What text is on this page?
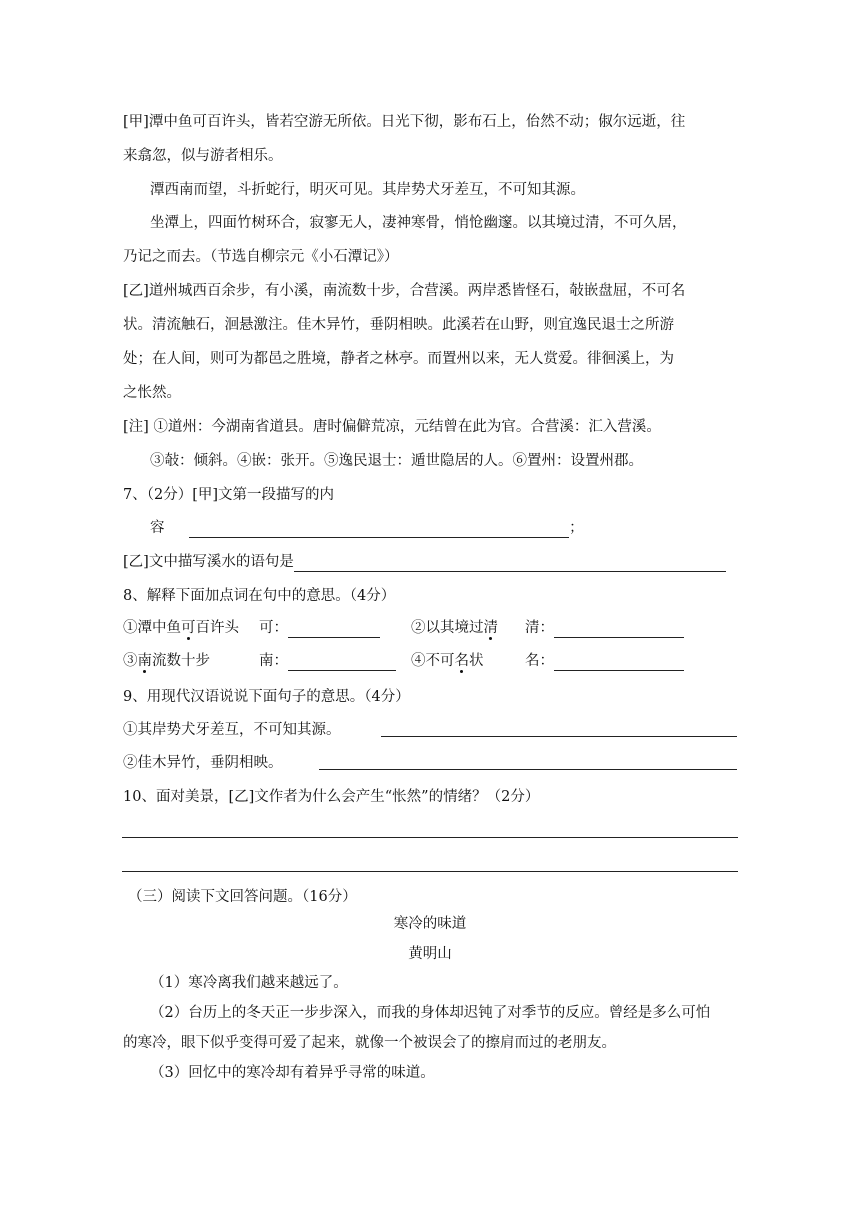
[甲]潭中鱼可百许头，皆若空游无所依。日光下彻，影布石上，佁然不动；俶尔远逝，往
来翕忽，似与游者相乐。
潭西南而望，斗折蛇行，明灭可见。其岸势犬牙差互，不可知其源。
坐潭上，四面竹树环合，寂寥无人，凄神寒骨，悄怆幽邃。以其境过清，不可久居，
乃记之而去。（节选自柳宗元《小石潭记》）
[乙]道州城西百余步，有小溪，南流数十步，合营溪。两岸悉皆怪石，敧嵌盘屈，不可名
状。清流触石，洄悬激注。佳木异竹，垂阴相映。此溪若在山野，则宜逸民退士之所游
处；在人间，则可为都邑之胜境，静者之林亭。而置州以来，无人赏爱。徘徊溪上，为
之怅然。
[注] ①道州：今湖南省道县。唐时偏僻荒凉，元结曾在此为官。合营溪：汇入营溪。
③敧：倾斜。④嵌：张开。⑤逸民退士：遁世隐居的人。⑥置州：设置州郡。
7、（2分）[甲]文第一段描写的内
容	；
[乙]文中描写溪水的语句是
8、解释下面加点词在句中的意思。（4分）
①潭中鱼可百许头 可：	②以其境过清 清：
③南流数十步	南：	④不可名状	名：
9、用现代汉语说说下面句子的意思。（4分）
①其岸势犬牙差互，不可知其源。
②佳木异竹，垂阴相映。
10、面对美景，[乙]文作者为什么会产生“怅然”的情绪？（2分）
（三）阅读下文回答问题。（16分）
寒冷的味道
黄明山
（1）寒冷离我们越来越远了。
（2）台历上的冬天正一步步深入，而我的身体却迟钝了对季节的反应。曾经是多么可怕
的寒冷，眼下似乎变得可爱了起来，就像一个被误会了的擦肩而过的老朋友。
（3）回忆中的寒冷却有着异乎寻常的味道。
